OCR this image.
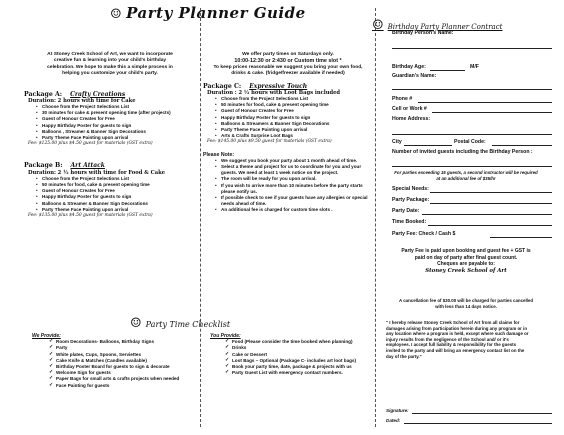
☺ Party Planner Guide
At Stoney Creek School of Art, we want to incorporate
creative fun & learning into your child's birthday
celebration. We hope to make this a simple process in
helping you customize your child's party.
Package A: Crafty Creations
Duration: 2 hours with time for Cake
• Choose from the Project Selections List
• 30 minutes for cake & present opening time (after projects)
• Guest of Honour Creates for Free
• Happy Birthday Poster for guests to sign
• Balloons , Streamer & Banner Sign Decorations
• Party Theme Face Painting upon arrival
Fee: $125.00 plus $4.50 guest for materials (GST extra)
Package B: Art Attack
Duration: 2 ½ hours with time for Food & Cake
• Choose from the Project Selections List
• 50 minutes for food, cake & present opening time
• Guest of Honour Creates for Free
• Happy Birthday Poster for guests to sign
• Balloons & Streamer & Banner Sign Decorations
• Party Theme Face Painting upon arrival
Fee: $135.00 plus $4.50 guest for materials (GST extra)
We offer party times on Saturdays only.
10:00-12:30 or 2:430 or Custom time slot *
To keep prices reasonable we suggest you bring your own food,
drinks & cake. (fridge/freezer available if needed)
Package C: Expressive Touch
Duration : 2 ½ hours with Loot Bags included
• Choose from the Project Selections List
• 50 minutes for food, cake & present opening time
• Guest of Honour Creates for Free
• Happy Birthday Poster for guests to sign
• Balloons & Streamers & Banner Sign Decorations
• Party Theme Face Painting upon arrival
• Arts & Crafts Surprise Loot Bags
Fee: $145.00 plus $9.50 guest for materials (GST extra)
Please Note:
• We suggest you book your party about 1 month ahead of time.
• Select a theme and project for us to coordinate for you and your guests. We need at least 1 week notice on the project.
• The room will be ready for you upon arrival.
• If you wish to arrive more than 10 minutes before the party starts please notify us.
• If possible check to see if your guests have any allergies or special needs ahead of time.
• An additional fee is charged for custom time slots .
☺ Party Time Checklist
We Provide:
✓ Room Decorations- Balloons, Birthday Signs
✓ Party
✓ White plates, Cups, Spoons, Serviettes
✓ Cake Knife & Matches (Candles available)
✓ Birthday Poster Board for guests to sign & decorate
✓ Welcome Sign for guests
✓ Paper Bags for small arts & crafts projects when needed
✓ Face Painting for guests
You Provide:
✓ Food (Please consider the time booked when planning)
✓ Drinks
✓ Cake or Dessert
✓ Loot Bags – Optional (Package C- includes art loot bags)
✓ Book your party time, date, package & projects with us
✓ Party Guest List with emergency contact numbers.
☺ Birthday Party Planner Contract
Birthday Person's Name:
Birthday Age:	M/F
Guardian's Name:
Phone #
Cell or Work #
Home Address:
City	Postal Code:
Number of invited guests including the Birthday Person :
For parties exceeding 15 guests, a second instructor will be required
at an additional fee of $35/hr
Special Needs:
Party Package:
Party Date:
Time Booked:
Party Fee: Check / Cash $
Party Fee is paid upon booking and guest fee + GST is
paid on day of party after final guest count.
Cheques are payable to:
Stoney Creek School of Art
A cancellation fee of $30.00 will be charged for parties cancelled
with less than 14 days notice.
" I hereby release Stoney Creek School of Art from all claims for
damages arising from participation herein during any program or in
any location where a program is held, except where such damage or
injury results from the negligence of the School and/ or it's
employees. I accept full liability & responsibility for the guests
invited to the party and will bring an emergency contact list on the
day of the party."
Signature:
Dated:
